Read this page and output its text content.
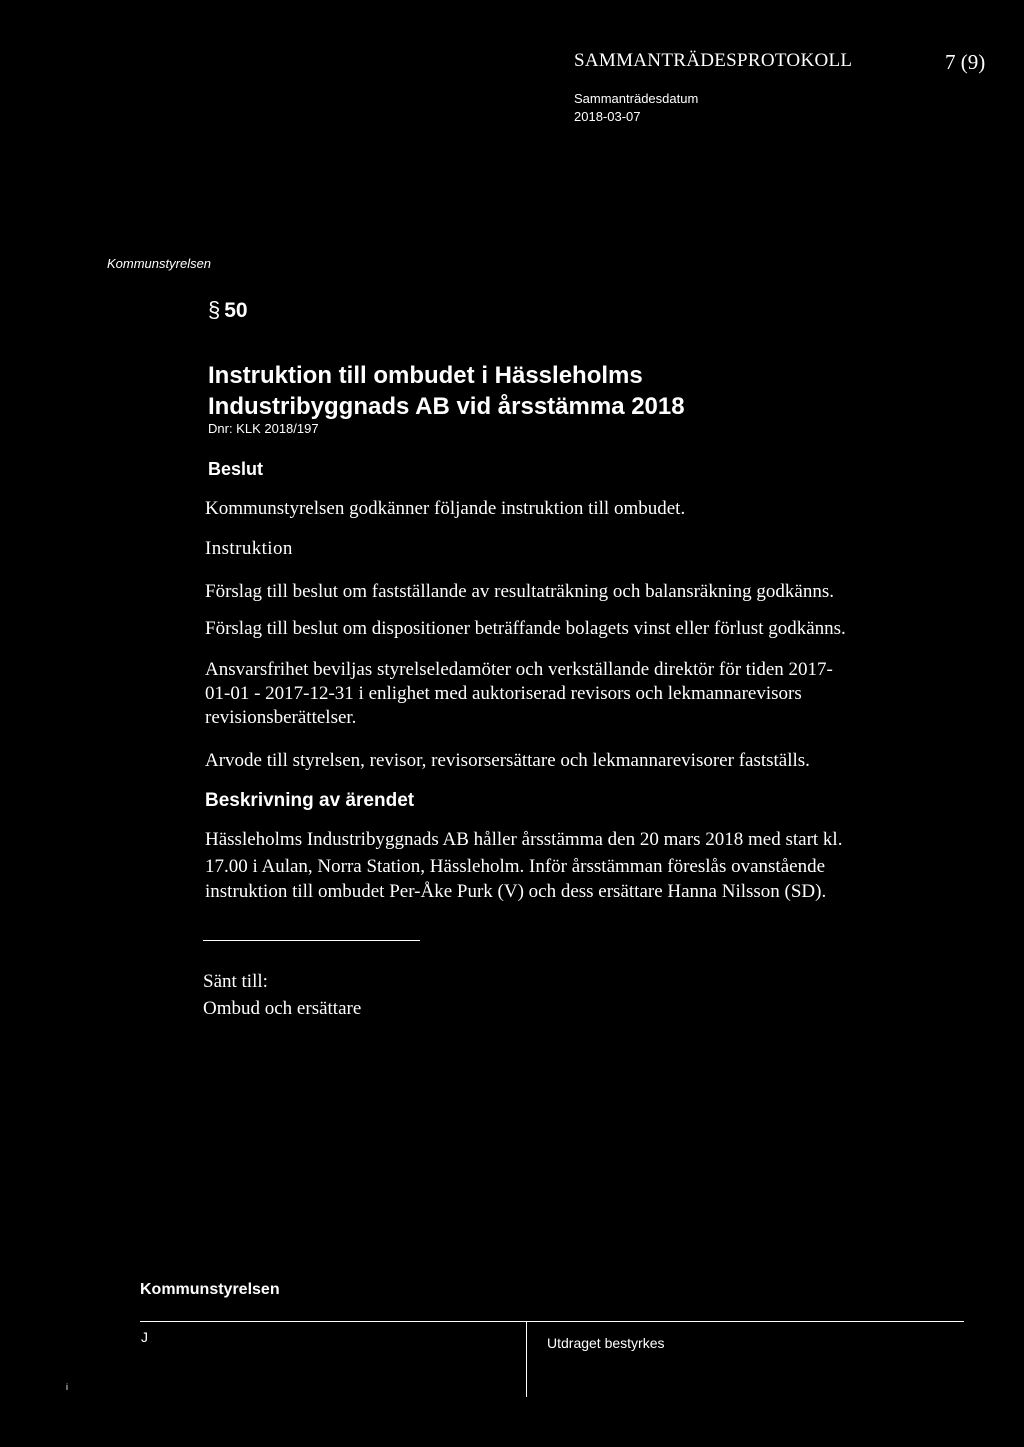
SAMMANTRÄDESPROTOKOLL	7 (9)
Sammanträdesdatum
2018-03-07
Kommunstyrelsen
§ 50
Instruktion till ombudet i Hässleholms
Industribyggnads AB vid årsstämma 2018
Dnr: KLK 2018/197
Beslut
Kommunstyrelsen godkänner följande instruktion till ombudet.
Instruktion
Förslag till beslut om fastställande av resultaträkning och balansräkning godkänns.
Förslag till beslut om dispositioner beträffande bolagets vinst eller förlust godkänns.
Ansvarsfrihet beviljas styrelseledamöter och verkställande direktör för tiden 2017-
01-01 - 2017-12-31 i enlighet med auktoriserad revisors och lekmannarevisors
revisionsberättelser.
Arvode till styrelsen, revisor, revisorsersättare och lekmannarevisorer fastställs.
Beskrivning av ärendet
Hässleholms Industribyggnads AB håller årsstämma den 20 mars 2018 med start kl.
17.00 i Aulan, Norra Station, Hässleholm. Inför årsstämman föreslås ovanstående
instruktion till ombudet Per-Åke Purk (V) och dess ersättare Hanna Nilsson (SD).
Sänt till:
Ombud och ersättare
Kommunstyrelsen
J	Utdraget bestyrkes
i
